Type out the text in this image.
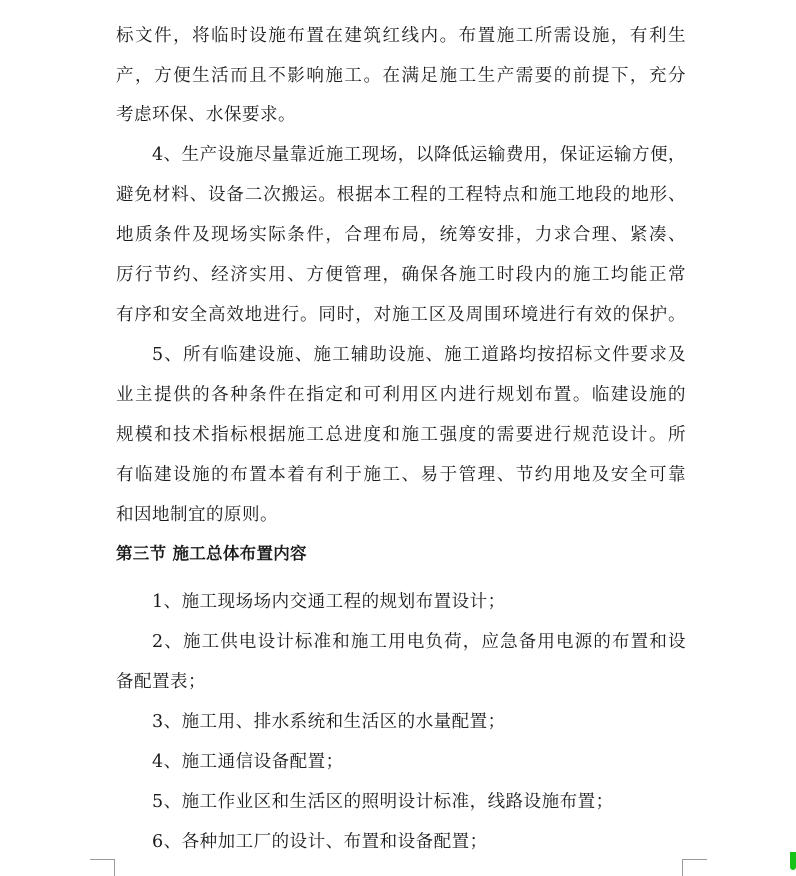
标文件，将临时设施布置在建筑红线内。布置施工所需设施，有利生
产，方便生活而且不影响施工。在满足施工生产需要的前提下，充分
考虑环保、水保要求。
4、生产设施尽量靠近施工现场，以降低运输费用，保证运输方便，
避免材料、设备二次搬运。根据本工程的工程特点和施工地段的地形、
地质条件及现场实际条件，合理布局，统筹安排，力求合理、紧凑、
厉行节约、经济实用、方便管理，确保各施工时段内的施工均能正常
有序和安全高效地进行。同时，对施工区及周围环境进行有效的保护。
5、所有临建设施、施工辅助设施、施工道路均按招标文件要求及
业主提供的各种条件在指定和可利用区内进行规划布置。临建设施的
规模和技术指标根据施工总进度和施工强度的需要进行规范设计。所
有临建设施的布置本着有利于施工、易于管理、节约用地及安全可靠
和因地制宜的原则。
第三节 施工总体布置内容
1、施工现场场内交通工程的规划布置设计；
2、施工供电设计标准和施工用电负荷，应急备用电源的布置和设
备配置表；
3、施工用、排水系统和生活区的水量配置；
4、施工通信设备配置；
5、施工作业区和生活区的照明设计标准，线路设施布置；
6、各种加工厂的设计、布置和设备配置；
